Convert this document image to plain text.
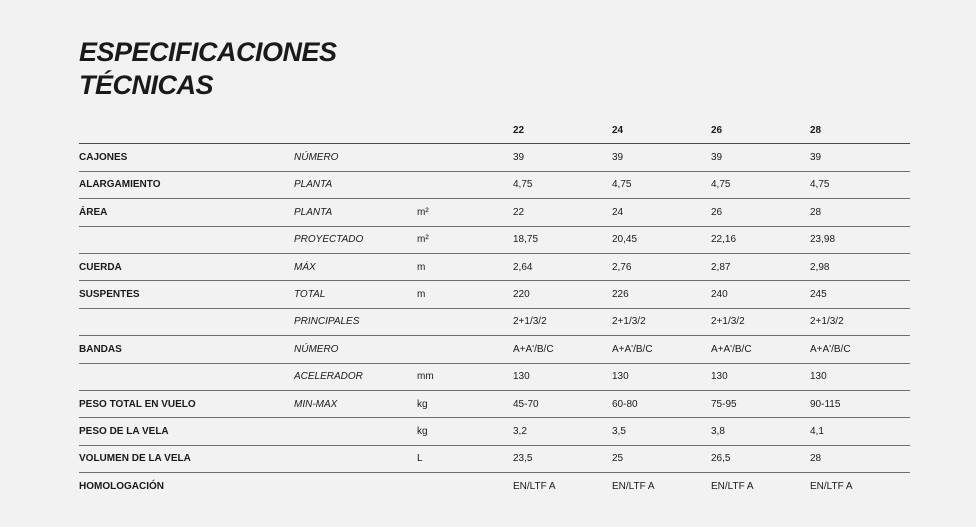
ESPECIFICACIONES
TÉCNICAS
			22	24	26	28
CAJONES	NÚMERO		39	39	39	39
ALARGAMIENTO	PLANTA		4,75	4,75	4,75	4,75
ÁREA	PLANTA	m²	22	24	26	28
	PROYECTADO	m²	18,75	20,45	22,16	23,98
CUERDA	MÁX	m	2,64	2,76	2,87	2,98
SUSPENTES	TOTAL	m	220	226	240	245
	PRINCIPALES		2+1/3/2	2+1/3/2	2+1/3/2	2+1/3/2
BANDAS	NÚMERO		A+A'/B/C	A+A'/B/C	A+A'/B/C	A+A'/B/C
	ACELERADOR	mm	130	130	130	130
PESO TOTAL EN VUELO	MIN-MAX	kg	45-70	60-80	75-95	90-115
PESO DE LA VELA		kg	3,2	3,5	3,8	4,1
VOLUMEN DE LA VELA		L	23,5	25	26,5	28
HOMOLOGACIÓN			EN/LTF A	EN/LTF A	EN/LTF A	EN/LTF A
